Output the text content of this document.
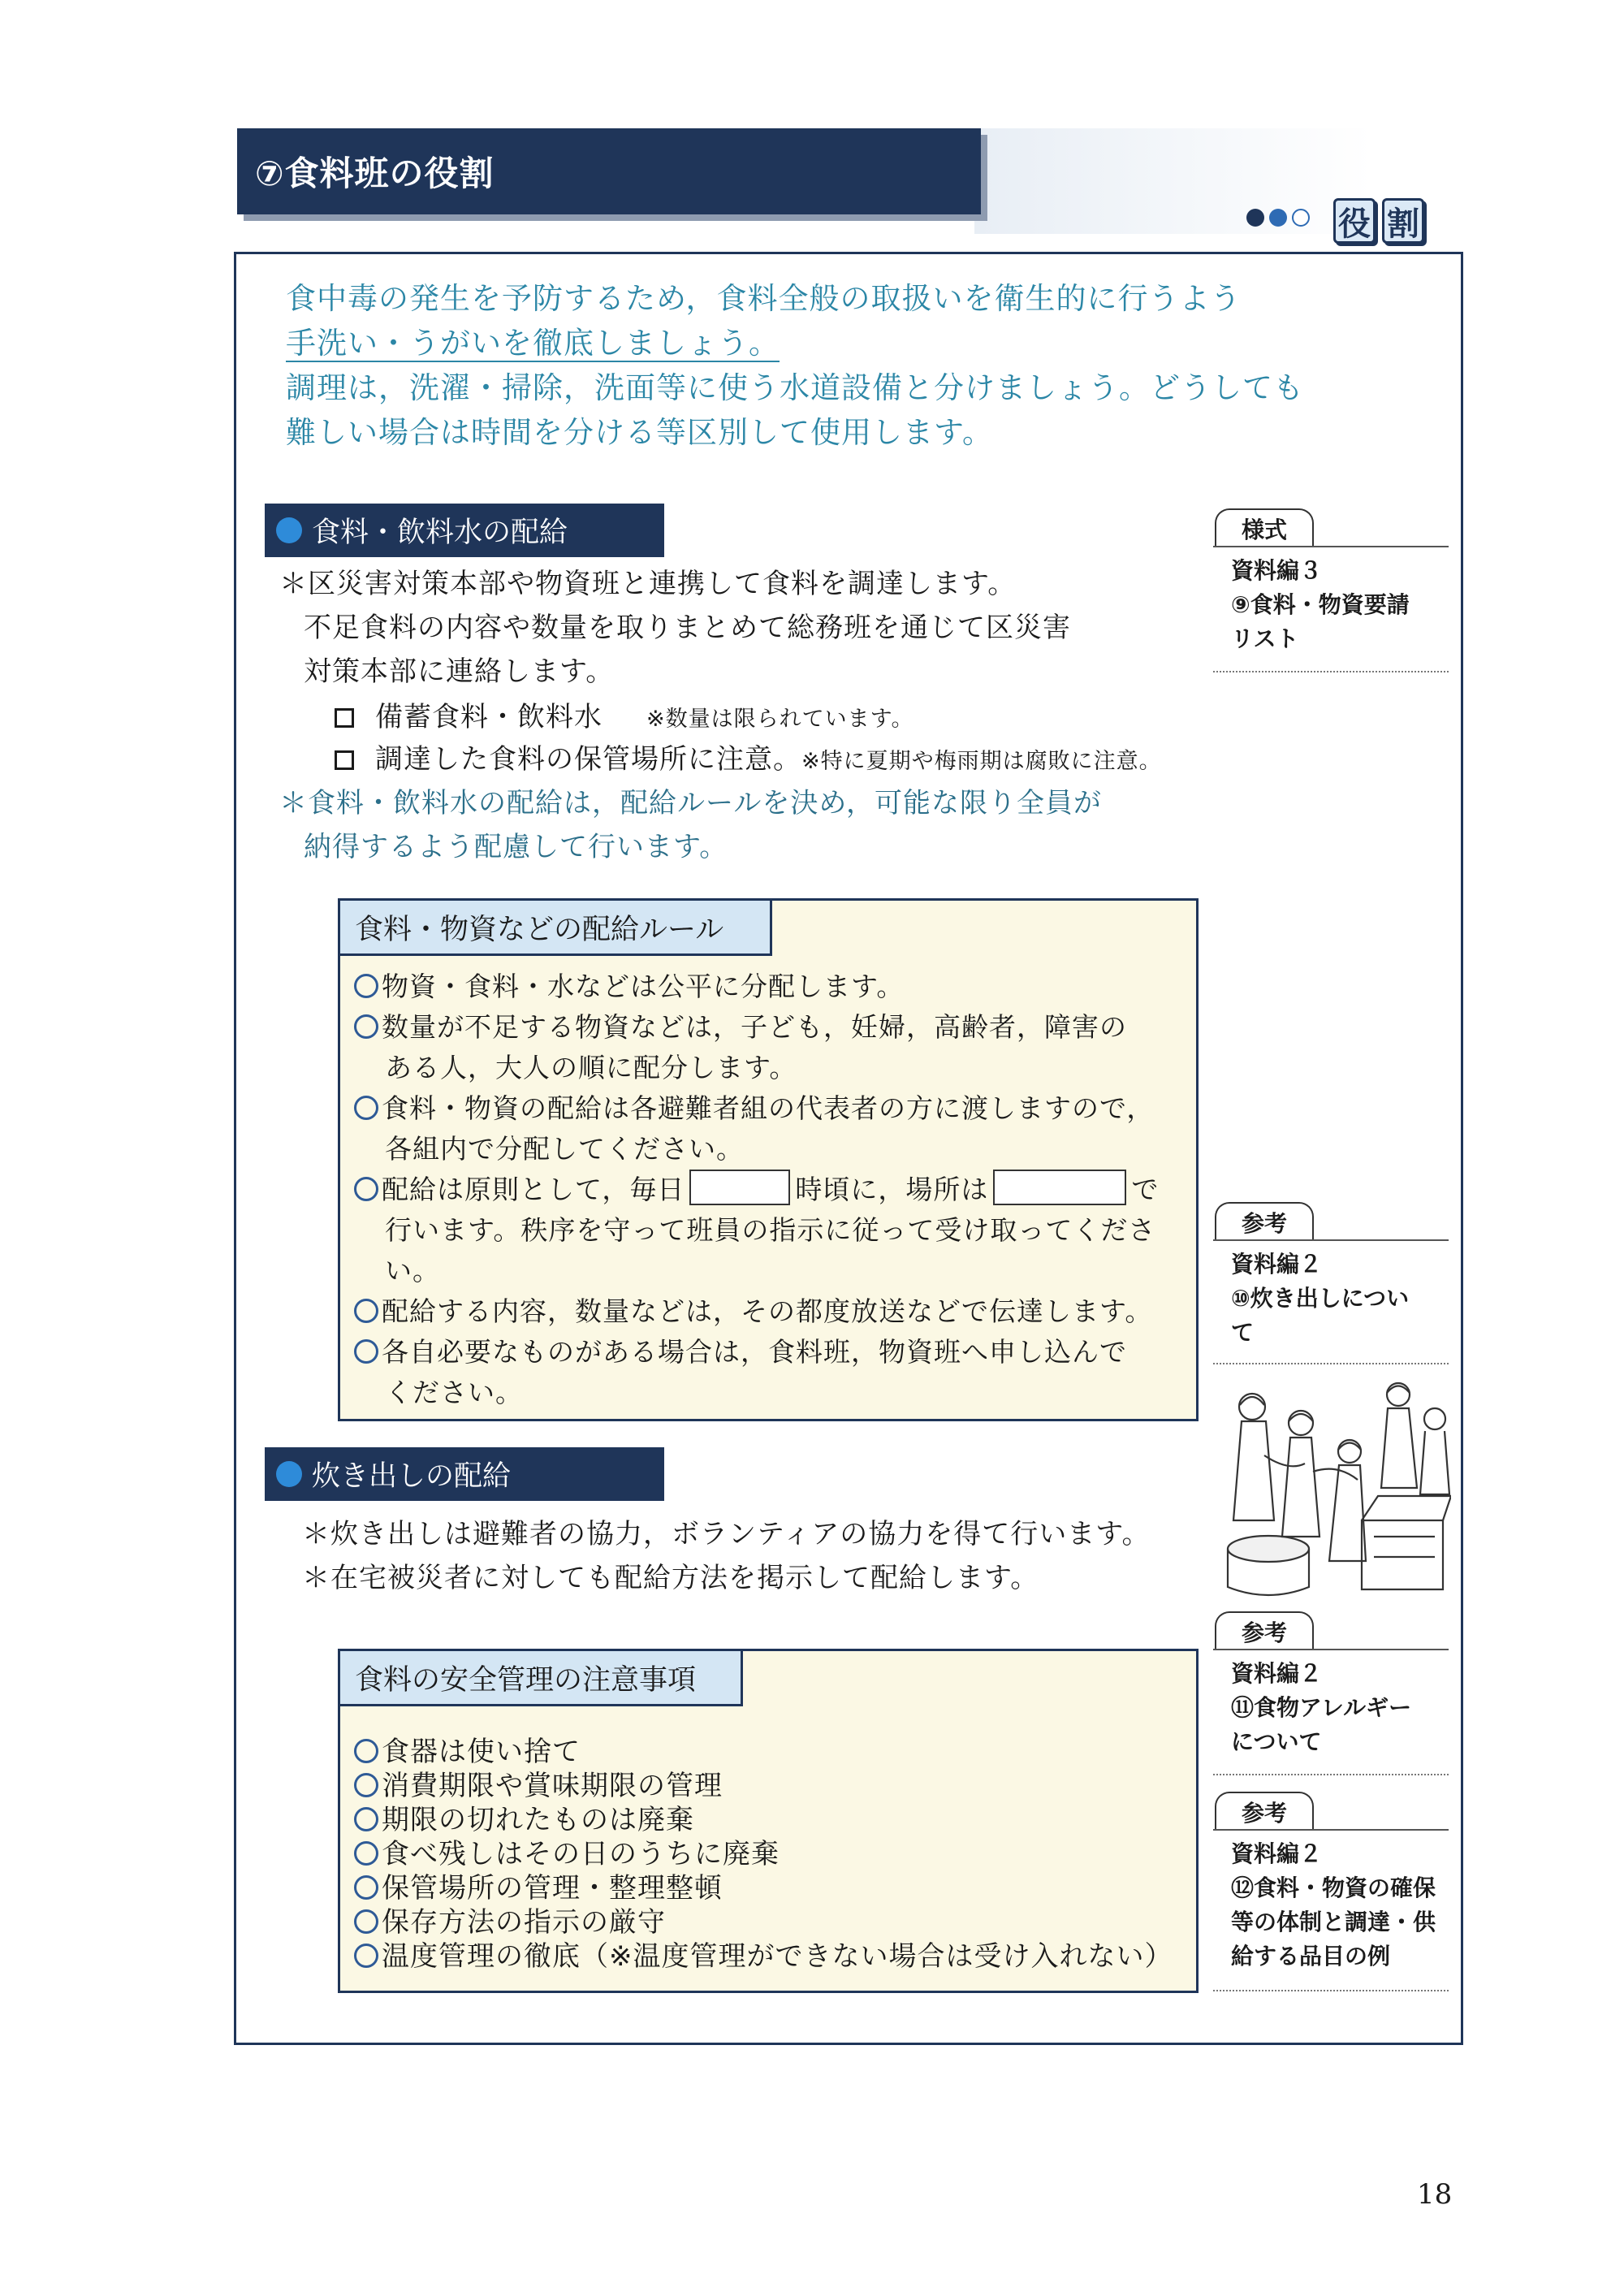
⑦食料班の役割
役 割
食中毒の発生を予防するため，食料全般の取扱いを衛生的に行うよう
手洗い・うがいを徹底しましょう。
調理は，洗濯・掃除，洗面等に使う水道設備と分けましょう。どうしても
難しい場合は時間を分ける等区別して使用します。
食料・飲料水の配給
＊区災害対策本部や物資班と連携して食料を調達します。
不足食料の内容や数量を取りまとめて総務班を通じて区災害
対策本部に連絡します。
備蓄食料・飲料水 ※数量は限られています。
調達した食料の保管場所に注意。※特に夏期や梅雨期は腐敗に注意。
＊食料・飲料水の配給は，配給ルールを決め，可能な限り全員が
納得するよう配慮して行います。
食料・物資などの配給ルール
物資・食料・水などは公平に分配します。
数量が不足する物資などは，子ども，妊婦，高齢者，障害の
ある人，大人の順に配分します。
食料・物資の配給は各避難者組の代表者の方に渡しますので，
各組内で分配してください。
配給は原則として，毎日	時頃に，場所は	で
行います。秩序を守って班員の指示に従って受け取ってくださ
い。
配給する内容，数量などは，その都度放送などで伝達します。
各自必要なものがある場合は，食料班，物資班へ申し込んで
ください。
炊き出しの配給
＊炊き出しは避難者の協力，ボランティアの協力を得て行います。
＊在宅被災者に対しても配給方法を掲示して配給します。
食料の安全管理の注意事項
食器は使い捨て
消費期限や賞味期限の管理
期限の切れたものは廃棄
食べ残しはその日のうちに廃棄
保管場所の管理・整理整頓
保存方法の指示の厳守
温度管理の徹底（※温度管理ができない場合は受け入れない）
様式
資料編３
⑨食料・物資要請
リスト
参考
資料編２
⑩炊き出しについ
て
参考
資料編２
⑪食物アレルギー
について
参考
資料編２
⑫食料・物資の確保
等の体制と調達・供
給する品目の例
18
